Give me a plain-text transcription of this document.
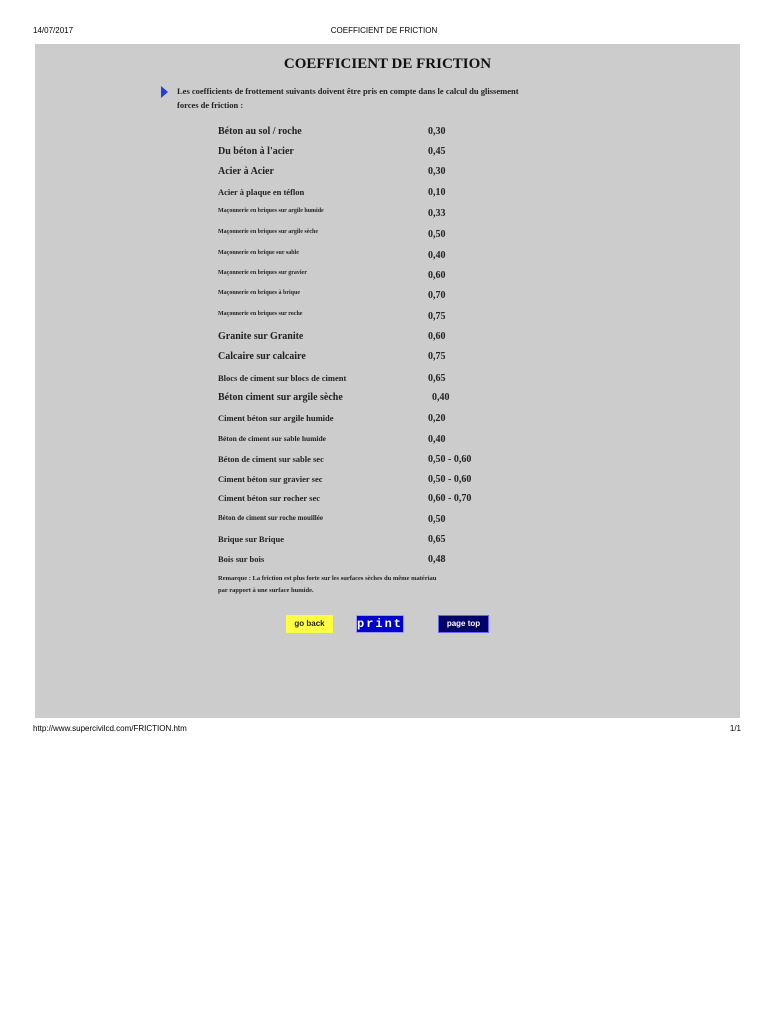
14/07/2017	COEFFICIENT DE FRICTION
COEFFICIENT DE FRICTION
Les coefficients de frottement suivants doivent être pris en compte dans le calcul du glissement
forces de friction :
Béton au sol / roche	0,30
Du béton à l'acier	0,45
Acier à Acier	0,30
Acier à plaque en téflon	0,10
Maçonnerie en briques sur argile humide	0,33
Maçonnerie en briques sur argile sèche	0,50
Maçonnerie en brique sur sable	0,40
Maçonnerie en briques sur gravier	0,60
Maçonnerie en briques à brique	0,70
Maçonnerie en briques sur roche	0,75
Granite sur Granite	0,60
Calcaire sur calcaire	0,75
Blocs de ciment sur blocs de ciment	0,65
Béton ciment sur argile sèche	0,40
Ciment béton sur argile humide	0,20
Béton de ciment sur sable humide	0,40
Béton de ciment sur sable sec	0,50 - 0,60
Ciment béton sur gravier sec	0,50 - 0,60
Ciment béton sur rocher sec	0,60 - 0,70
Béton de ciment sur roche mouillée	0,50
Brique sur Brique	0,65
Bois sur bois	0,48
Remarque : La friction est plus forte sur les surfaces sèches du même matériau
par rapport à une surface humide.
go back	print	page top
http://www.supercivilcd.com/FRICTION.htm	1/1
